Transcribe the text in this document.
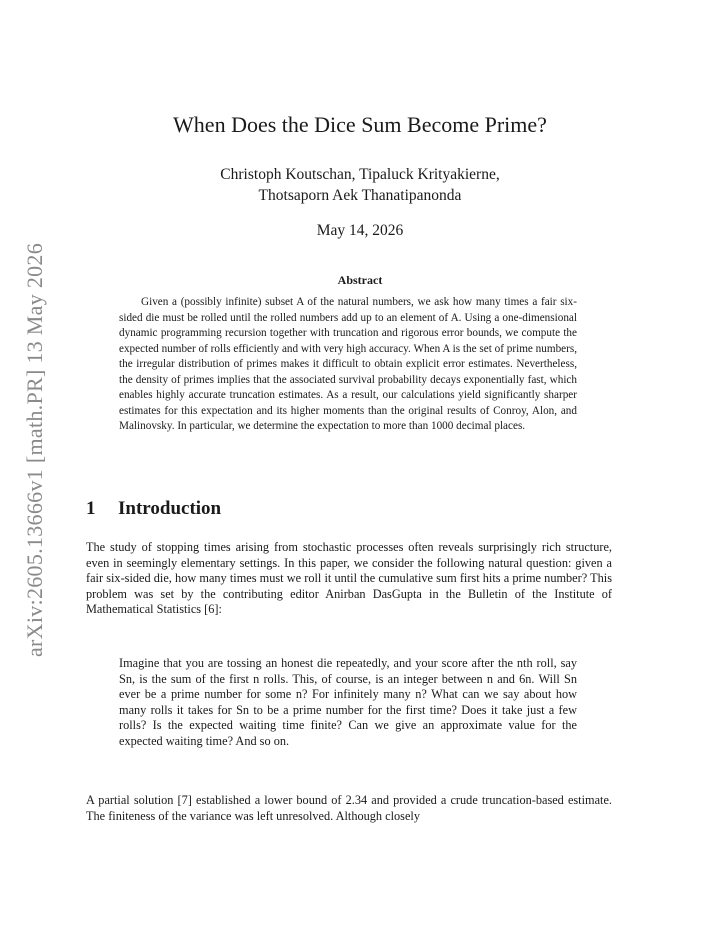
arXiv:2605.13666v1 [math.PR] 13 May 2026
When Does the Dice Sum Become Prime?
Christoph Koutschan, Tipaluck Krityakierne,
Thotsaporn Aek Thanatipanonda
May 14, 2026
Abstract

Given a (possibly infinite) subset A of the natural numbers, we ask how many times a fair six-sided die must be rolled until the rolled numbers add up to an element of A. Using a one-dimensional dynamic programming recursion together with truncation and rigorous error bounds, we compute the expected number of rolls efficiently and with very high accuracy. When A is the set of prime numbers, the irregular distribution of primes makes it difficult to obtain explicit error estimates. Nevertheless, the density of primes implies that the associated survival probability decays exponentially fast, which enables highly accurate truncation estimates. As a result, our calculations yield significantly sharper estimates for this expectation and its higher moments than the original results of Conroy, Alon, and Malinovsky. In particular, we determine the expectation to more than 1000 decimal places.

1 Introduction

The study of stopping times arising from stochastic processes often reveals surprisingly rich structure, even in seemingly elementary settings. In this paper, we consider the following natural question: given a fair six-sided die, how many times must we roll it until the cumulative sum first hits a prime number? This problem was set by the contributing editor Anirban DasGupta in the Bulletin of the Institute of Mathematical Statistics [6]:

Imagine that you are tossing an honest die repeatedly, and your score after the nth roll, say Sn, is the sum of the first n rolls. This, of course, is an integer between n and 6n. Will Sn ever be a prime number for some n? For infinitely many n? What can we say about how many rolls it takes for Sn to be a prime number for the first time? Does it take just a few rolls? Is the expected waiting time finite? Can we give an approximate value for the expected waiting time? And so on.

A partial solution [7] established a lower bound of 2.34 and provided a crude truncation-based estimate. The finiteness of the variance was left unresolved. Although closely
